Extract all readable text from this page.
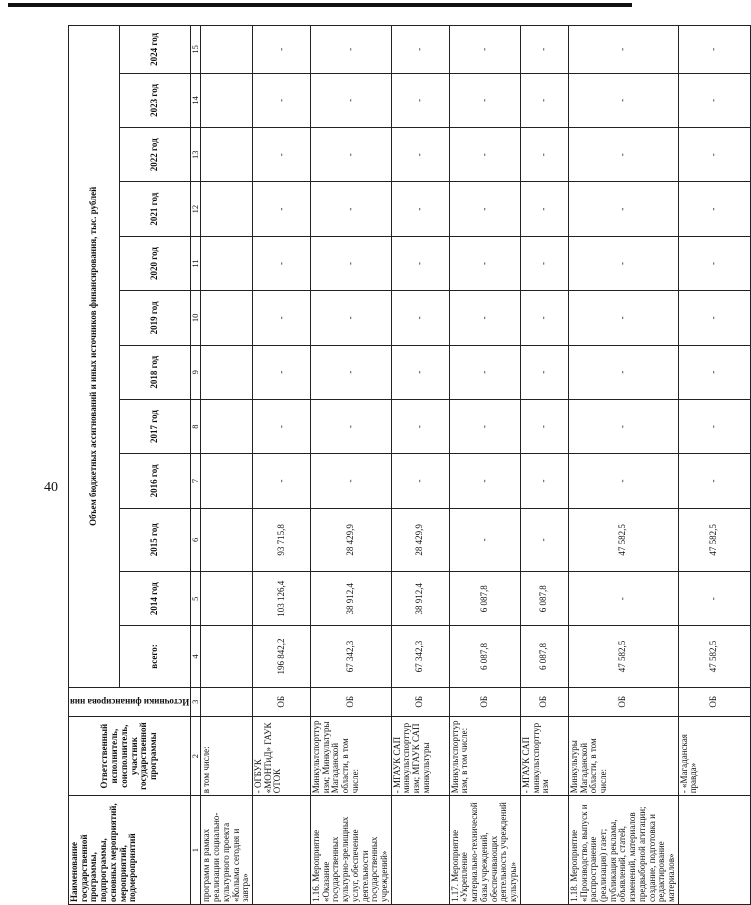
40
Наименование государственной программы, подпрограммы, основных мероприятий, мероприятий, подмероприятий	Ответственный исполнитель, соисполнитель, участник государственной программы	Источники финансирова ния	Объем бюджетных ассигнований и иных источников финансирования, тыс. рублей											
			всего:	2014 год	2015 год	2016 год	2017 год	2018 год	2019 год	2020 год	2021 год	2022 год	2023 год	2024 год
1	2	3	4	5	6	7	8	9	10	11	12	13	14	15
программ в рамках реализации социально-культурного проекта «Колыма сегодня и завтра»	в том числе:													
	- ОГБУК «МОНТиД» ГАУК ОТОК	ОБ	196 842,2	103 126,4	93 715,8	-	-	-	-	-	-	-	-	-
1.16. Мероприятие «Оказание государственных культурно-зрелищных услуг, обеспечение деятельности государственных учреждений»	Минкультспорттур изм; Минкультуры Магаданской области, в том числе:	ОБ	67 342,3	38 912,4	28 429,9	-	-	-	-	-	-	-	-	-
	- МГАУК САП минкультспорттур изм; МГАУК САП минкультуры	ОБ	67 342,3	38 912,4	28 429,9	-	-	-	-	-	-	-	-	-
1.17. Мероприятие «Укрепление материально-технической базы учреждений, обеспечивающих деятельность учреждений культуры»	Минкультспорттур изм, в том числе:	ОБ	6 087,8	6 087,8	-	-	-	-	-	-	-	-	-	-
	- МГАУК САП минкультспорттур изм	ОБ	6 087,8	6 087,8	-	-	-	-	-	-	-	-	-	-
1.18. Мероприятие «Производство, выпуск и распространение (реализация) газет; публикация рекламы, объявлений, статей, изменений, материалов предвыборной агитации; создание, подготовка и редактирование материалов»	Минкультуры Магаданской области, в том числе:	ОБ	47 582,5	-	47 582,5	-	-	-	-	-	-	-	-	-
	- «Магаданская правда»	ОБ	47 582,5	-	47 582,5	-	-	-	-	-	-	-	-	-
